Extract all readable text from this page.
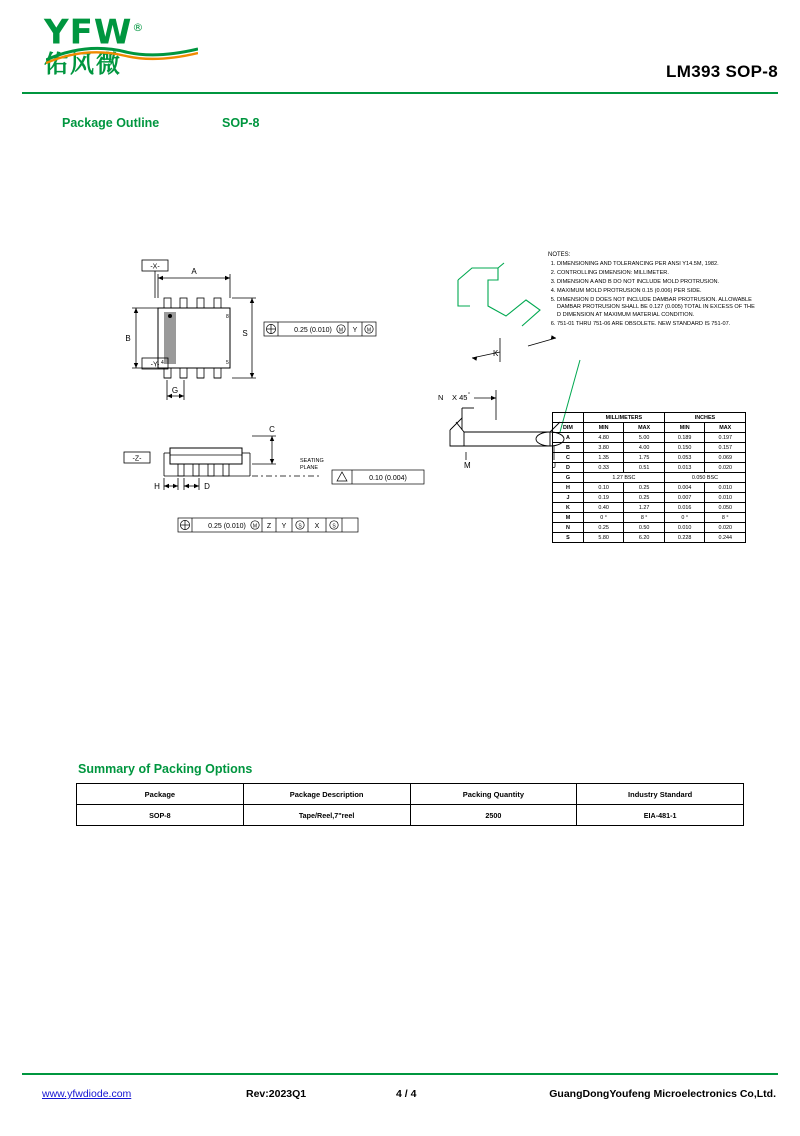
YFW®
佑风微	LM393 SOP-8
Package Outline	SOP-8
-X-
-Y-
A
B
S
G
8
5
4
0.25 (0.010) M Y M
-Z-
H	D
C
SEATING
PLANE
0.10 (0.004)
0.25 (0.010) M Z Y S X	S
K
N X 45 °
M	J
NOTES:
1. DIMENSIONING AND TOLERANCING PER ANSI Y14.5M, 1982.
2. CONTROLLING DIMENSION: MILLIMETER.
3. DIMENSION A AND B DO NOT INCLUDE MOLD PROTRUSION.
4. MAXIMUM MOLD PROTRUSION 0.15 (0.006) PER SIDE.
5. DIMENSION D DOES NOT INCLUDE DAMBAR PROTRUSION. ALLOWABLE DAMBAR PROTRUSION SHALL BE 0.127 (0.005) TOTAL IN EXCESS OF THE D DIMENSION AT MAXIMUM MATERIAL CONDITION.
6. 751-01 THRU 751-06 ARE OBSOLETE. NEW STANDARD IS 751-07.
	MILLIMETERS		INCHES	
DIM	MIN	MAX	MIN	MAX
A	4.80	5.00	0.189	0.197
B	3.80	4.00	0.150	0.157
C	1.35	1.75	0.053	0.069
D	0.33	0.51	0.013	0.020
G	1.27 BSC		0.050 BSC	
H	0.10	0.25	0.004	0.010
J	0.19	0.25	0.007	0.010
K	0.40	1.27	0.016	0.050
M	0 °	8 °	0 °	8 °
N	0.25	0.50	0.010	0.020
S	5.80	6.20	0.228	0.244
Summary of Packing Options
Package	Package Description	Packing Quantity	Industry Standard
SOP-8	Tape/Reel,7"reel	2500	EIA-481-1
www.yfwdiode.com	Rev:2023Q1	4 / 4	GuangDongYoufeng Microelectronics Co,Ltd.
